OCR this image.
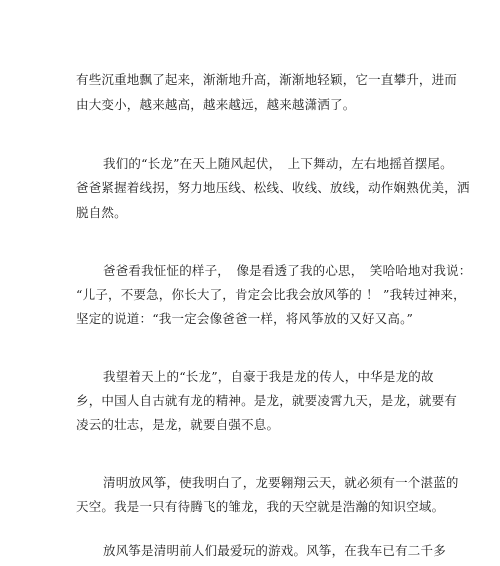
有些沉重地飘了起来，渐渐地升高，渐渐地轻颖，它一直攀升，进而
由大变小，越来越高，越来越远，越来越潇洒了。
我们的“长龙”在天上随风起伏，　上下舞动，左右地摇首摆尾。
爸爸紧握着线拐，努力地压线、松线、收线、放线，动作娴熟优美，洒
脱自然。
爸爸看我怔怔的样子，　像是看透了我的心思，　笑哈哈地对我说：
“儿子，不要急，你长大了，肯定会比我会放风筝的 ！ ”我转过神来，
坚定的说道：“我一定会像爸爸一样，将风筝放的又好又高。”
我望着天上的“长龙”，自豪于我是龙的传人，中华是龙的故
乡，中国人自古就有龙的精神。是龙，就要凌霄九天，是龙，就要有
凌云的壮志，是龙，就要自强不息。
清明放风筝，使我明白了，龙要翱翔云天，就必须有一个湛蓝的
天空。我是一只有待腾飞的雏龙，我的天空就是浩瀚的知识空域。
放风筝是清明前人们最爱玩的游戏。风筝，在我车已有二千多
